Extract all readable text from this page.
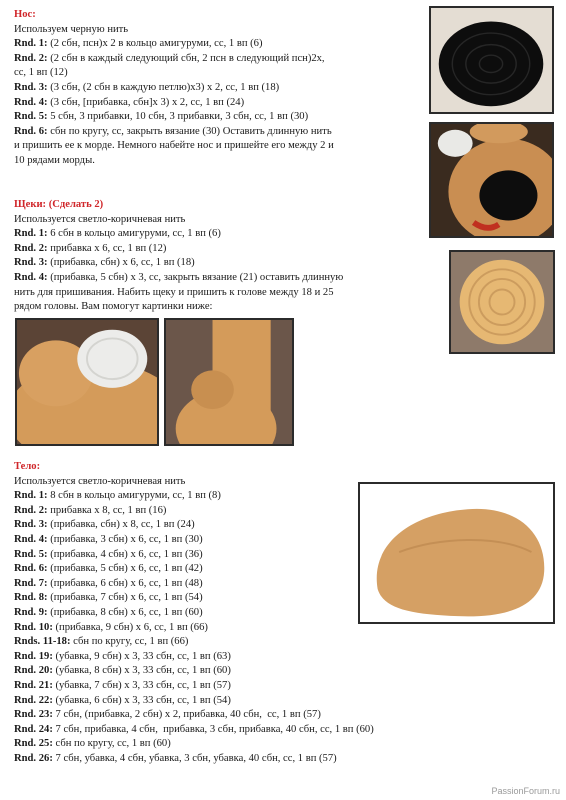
Нос:

Используем черную нить

Rnd. 1: (2 сбн, псн)х 2 в кольцо амигуруми, сс, 1 вп (6)

Rnd. 2: (2 сбн в каждый следующий сбн, 2 псн в следующий псн)2х,
сс, 1 вп (12)

Rnd. 3: (3 сбн, (2 сбн в каждую петлю)х3) х 2, сс, 1 вп (18)

Rnd. 4: (3 сбн, [прибавка, сбн]х 3) х 2, сс, 1 вп (24)

Rnd. 5: 5 сбн, 3 прибавки, 10 сбн, 3 прибавки, 3 сбн, сс, 1 вп (30)

Rnd. 6: сбн по кругу, сс, закрыть вязание (30) Оставить длинную нить
и пришить ее к морде. Немного набейте нос и пришейте его между 2 и
10 рядами морды.

Щеки: (Сделать 2)

Используется светло-коричневая нить

Rnd. 1: 6 сбн в кольцо амигуруми, сс, 1 вп (6)

Rnd. 2: прибавка х 6, сс, 1 вп (12)

Rnd. 3: (прибавка, сбн) х 6, сс, 1 вп (18)

Rnd. 4: (прибавка, 5 сбн) х 3, сс, закрыть вязание (21) оставить длинную
нить для пришивания. Набить щеку и пришить к голове между 18 и 25
рядом головы. Вам помогут картинки ниже:

Тело:

Используется светло-коричневая нить

Rnd. 1: 8 сбн в кольцо амигуруми, сс, 1 вп (8)

Rnd. 2: прибавка х 8, сс, 1 вп (16)

Rnd. 3: (прибавка, сбн) х 8, сс, 1 вп (24)

Rnd. 4: (прибавка, 3 сбн) х 6, сс, 1 вп (30)

Rnd. 5: (прибавка, 4 сбн) х 6, сс, 1 вп (36)

Rnd. 6: (прибавка, 5 сбн) х 6, сс, 1 вп (42)

Rnd. 7: (прибавка, 6 сбн) х 6, сс, 1 вп (48)

Rnd. 8: (прибавка, 7 сбн) х 6, сс, 1 вп (54)

Rnd. 9: (прибавка, 8 сбн) х 6, сс, 1 вп (60)

Rnd. 10: (прибавка, 9 сбн) х 6, сс, 1 вп (66)

Rnds. 11-18: сбн по кругу, сс, 1 вп (66)

Rnd. 19: (убавка, 9 сбн) х 3, 33 сбн, сс, 1 вп (63)

Rnd. 20: (убавка, 8 сбн) х 3, 33 сбн, сс, 1 вп (60)

Rnd. 21: (убавка, 7 сбн) х 3, 33 сбн, сс, 1 вп (57)

Rnd. 22: (убавка, 6 сбн) х 3, 33 сбн, сс, 1 вп (54)

Rnd. 23: 7 сбн, (прибавка, 2 сбн) х 2, прибавка, 40 сбн,  сс, 1 вп (57)

Rnd. 24: 7 сбн, прибавка, 4 сбн,  прибавка, 3 сбн, прибавка, 40 сбн, сс, 1 вп (60)

Rnd. 25: сбн по кругу, сс, 1 вп (60)

Rnd. 26: 7 сбн, убавка, 4 сбн, убавка, 3 сбн, убавка, 40 сбн, сс, 1 вп (57)

PassionForum.ru
